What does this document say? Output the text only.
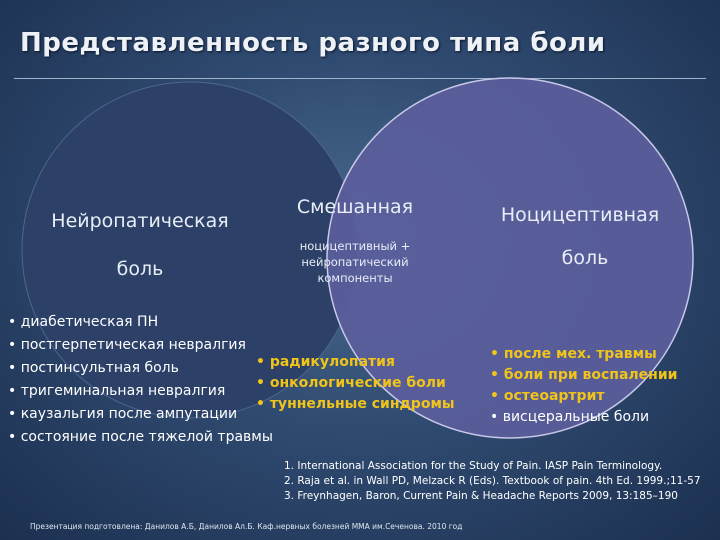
Представленность разного типа боли
Нейропатическая
боль
Смешанная
ноцицептивный +
нейропатический
компоненты
Ноцицептивная
боль
• диабетическая ПН
• постгерпетическая невралгия
• постинсультная боль
• тригеминальная невралгия
• каузальгия после ампутации
• состояние после тяжелой травмы
• радикулопатия
• онкологические боли
• туннельные синдромы
• после мех. травмы
• боли при воспалении
• остеоартрит
• висцеральные боли
1. International Association for the Study of Pain. IASP Pain Terminology.
2. Raja et al. in Wall PD, Melzack R (Eds). Textbook of pain. 4th Ed. 1999.;11-57
3. Freynhagen, Baron, Current Pain & Headache Reports 2009, 13:185–190
Презентация подготовлена: Данилов А.Б, Данилов Ал.Б. Каф.нервных болезней ММА им.Сеченова. 2010 год
